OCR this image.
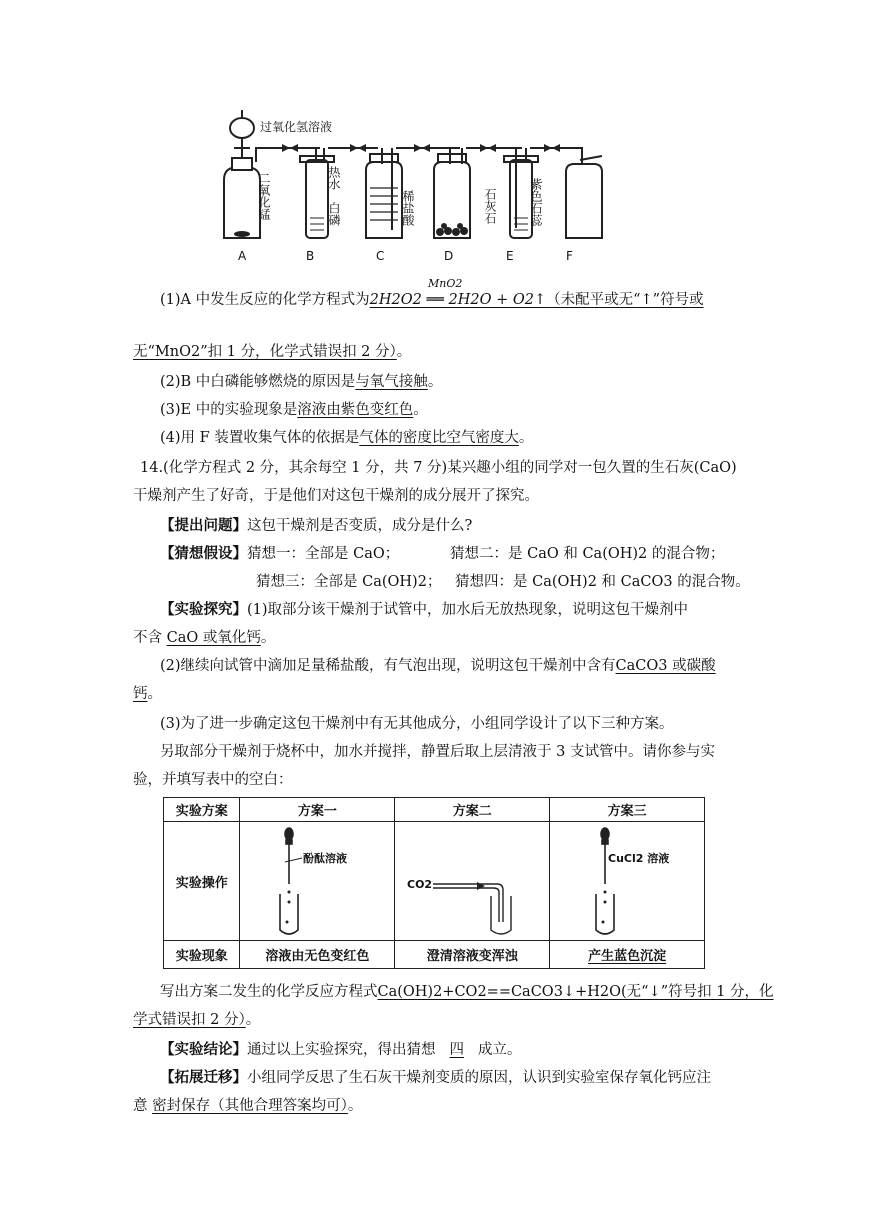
过氧化氢溶液
二氧化锰	热水
白磷	稀盐酸	石灰石	紫色石蕊
A	B	C	D	E	F
(1)A 中发生反应的化学方程式为2H2O2 ══ 2H2O + O2↑（未配平或无“↑”符号或
MnO2
无“MnO2”扣 1 分，化学式错误扣 2 分）。
(2)B 中白磷能够燃烧的原因是与氧气接触。
(3)E 中的实验现象是溶液由紫色变红色。
(4)用 F 装置收集气体的依据是气体的密度比空气密度大。
14.(化学方程式 2 分，其余每空 1 分，共 7 分)某兴趣小组的同学对一包久置的生石灰(CaO)
干燥剂产生了好奇，于是他们对这包干燥剂的成分展开了探究。
【提出问题】这包干燥剂是否变质，成分是什么?
【猜想假设】猜想一：全部是 CaO；	猜想二：是 CaO 和 Ca(OH)2 的混合物；
猜想三：全部是 Ca(OH)2； 猜想四：是 Ca(OH)2 和 CaCO3 的混合物。
【实验探究】(1)取部分该干燥剂于试管中，加水后无放热现象，说明这包干燥剂中
不含 CaO 或氧化钙。
(2)继续向试管中滴加足量稀盐酸，有气泡出现，说明这包干燥剂中含有CaCO3 或碳酸
钙。
(3)为了进一步确定这包干燥剂中有无其他成分，小组同学设计了以下三种方案。
另取部分干燥剂于烧杯中，加水并搅拌，静置后取上层清液于 3 支试管中。请你参与实
验，并填写表中的空白：
实验方案	方案一	方案二	方案三
实验操作	酚酞溶液	CO2	CuCl2 溶液

实验现象	溶液由无色变红色	澄清溶液变浑浊	产生蓝色沉淀
写出方案二发生的化学反应方程式Ca(OH)2+CO2==CaCO3↓+H2O(无“↓”符号扣 1 分，化
学式错误扣 2 分）。
【实验结论】通过以上实验探究，得出猜想 四 成立。
【拓展迁移】小组同学反思了生石灰干燥剂变质的原因，认识到实验室保存氧化钙应注
意 密封保存（其他合理答案均可）。
